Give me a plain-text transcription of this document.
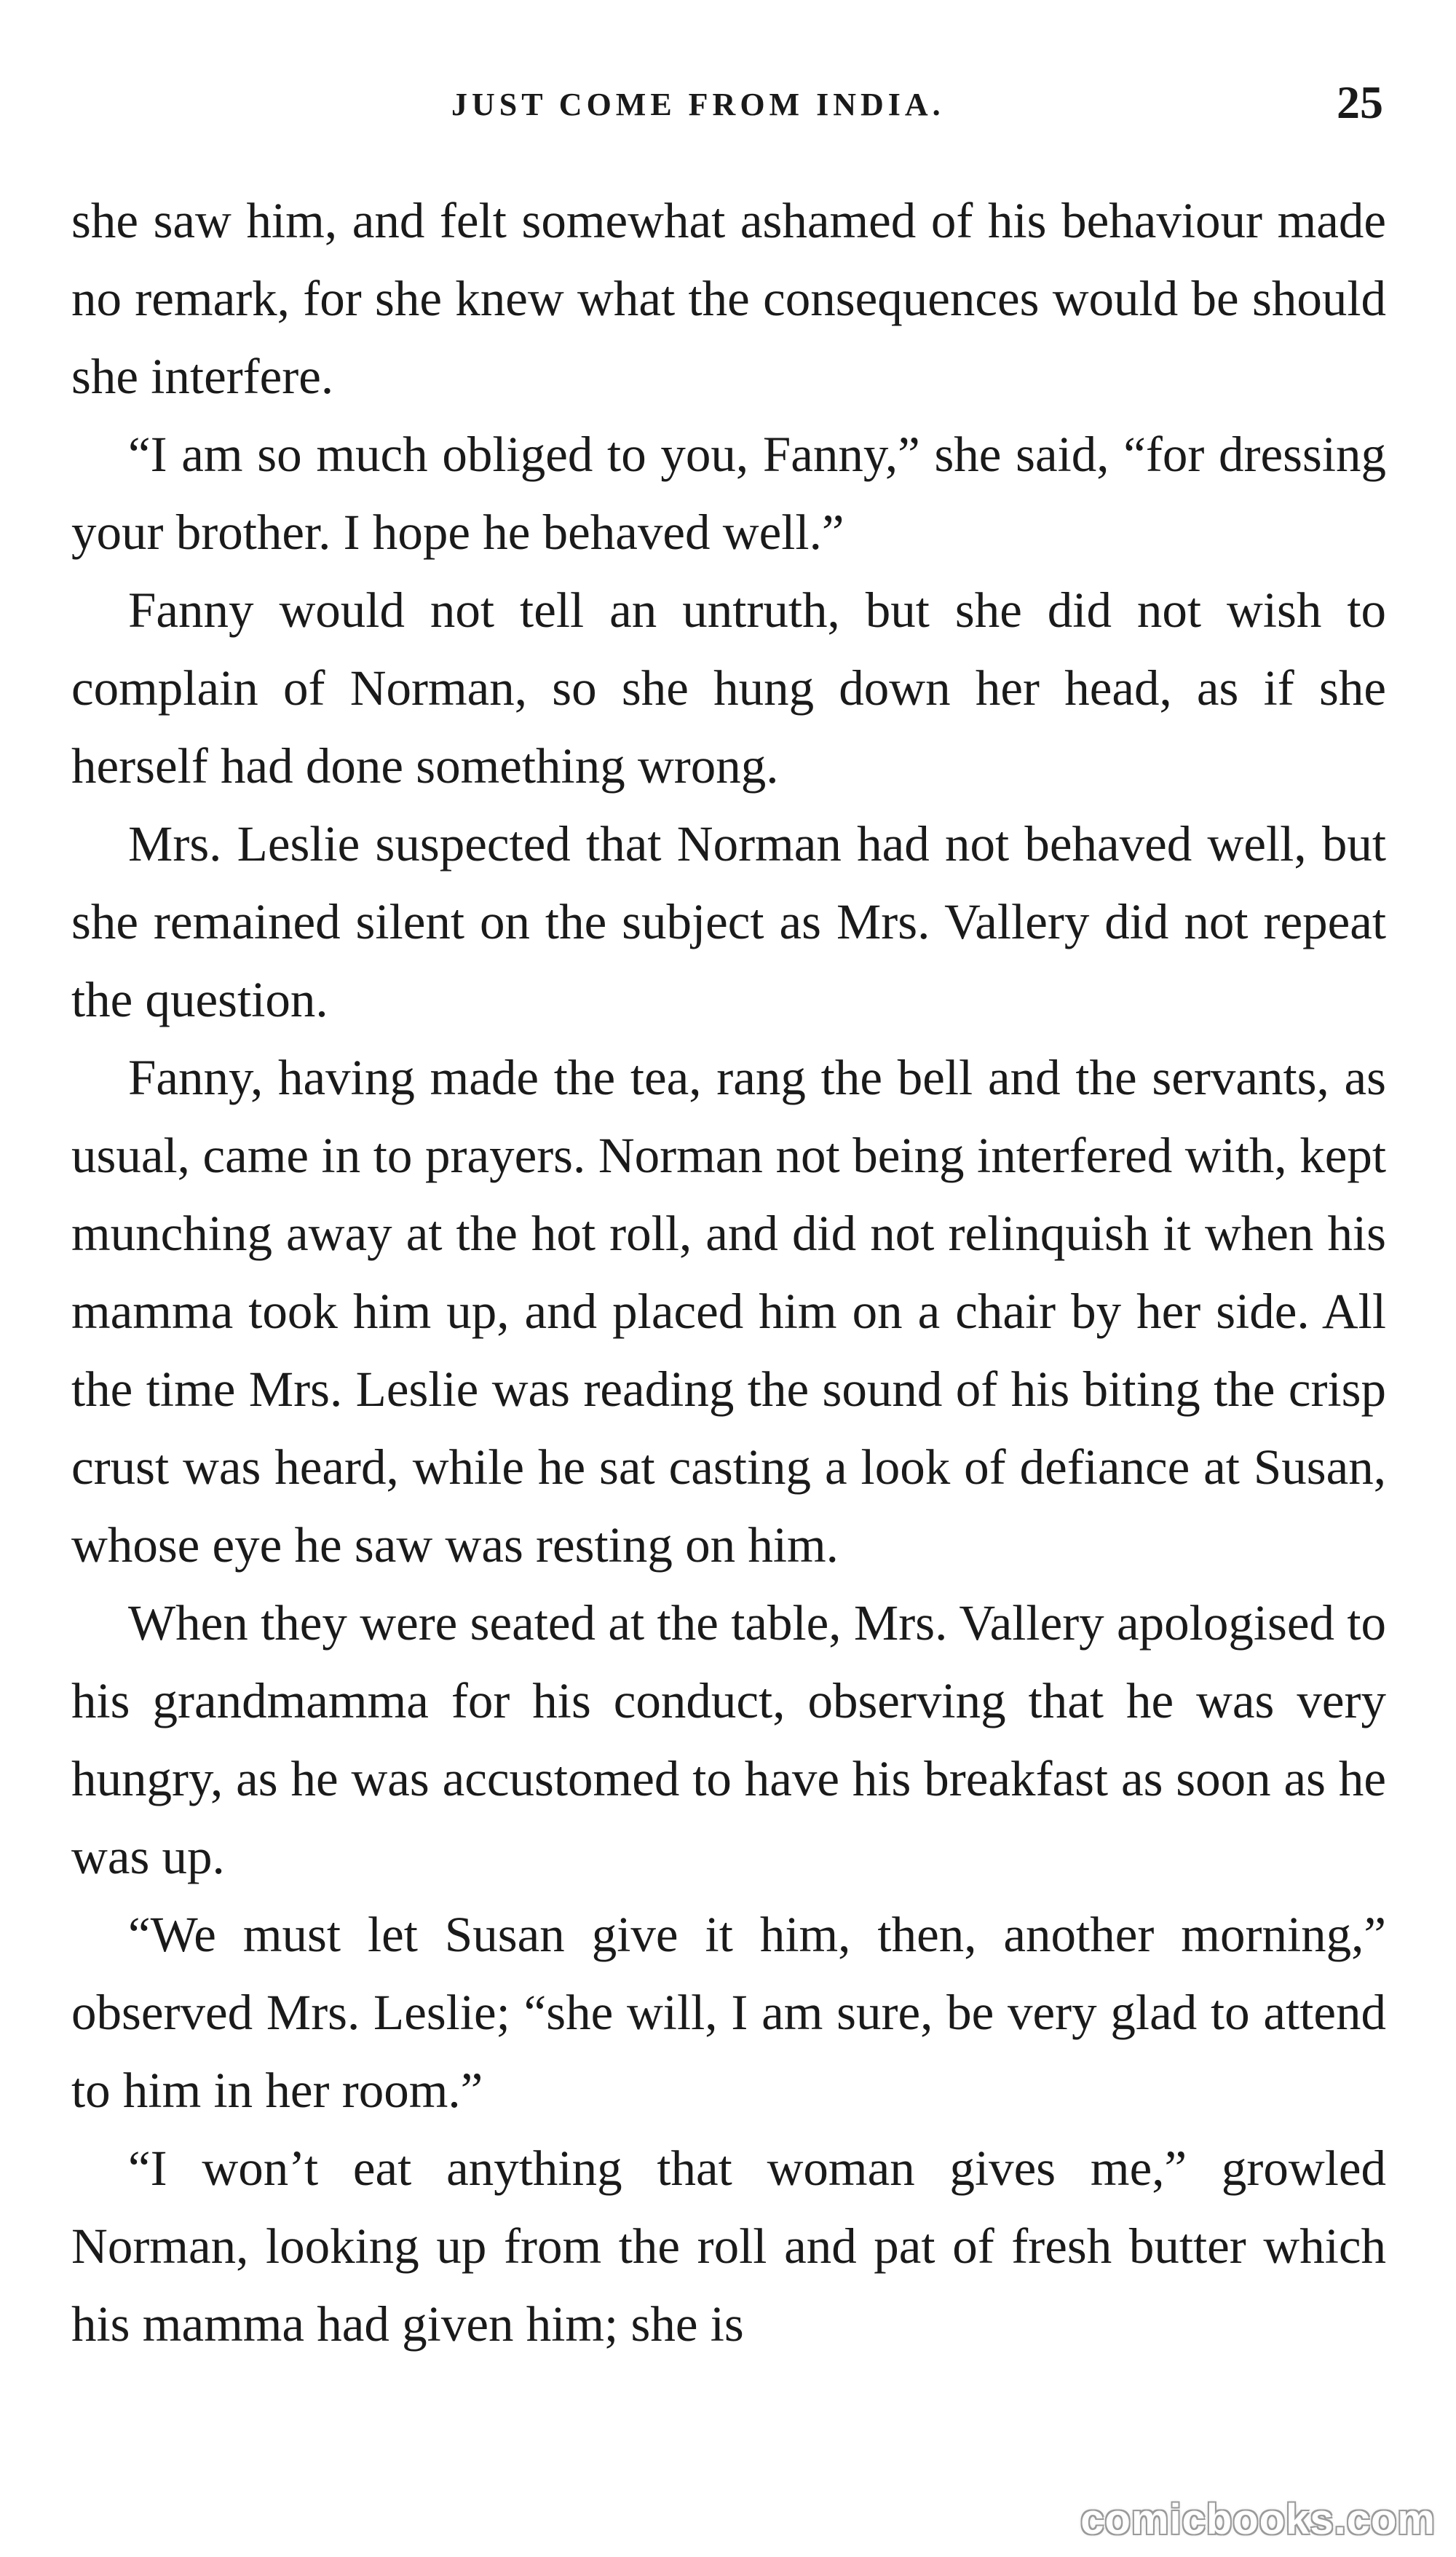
JUST COME FROM INDIA.	25

she saw him, and felt somewhat ashamed of his behaviour made no remark, for she knew what the consequences would be should she interfere.

“I am so much obliged to you, Fanny,” she said, “for dressing your brother. I hope he behaved well.”

Fanny would not tell an untruth, but she did not wish to complain of Norman, so she hung down her head, as if she herself had done something wrong.

Mrs. Leslie suspected that Norman had not behaved well, but she remained silent on the subject as Mrs. Vallery did not repeat the question.

Fanny, having made the tea, rang the bell and the servants, as usual, came in to prayers. Norman not being interfered with, kept munching away at the hot roll, and did not relinquish it when his mamma took him up, and placed him on a chair by her side. All the time Mrs. Leslie was reading the sound of his biting the crisp crust was heard, while he sat casting a look of defiance at Susan, whose eye he saw was resting on him.

When they were seated at the table, Mrs. Vallery apologised to his grandmamma for his conduct, observing that he was very hungry, as he was accustomed to have his breakfast as soon as he was up.

“We must let Susan give it him, then, another morning,” observed Mrs. Leslie; “she will, I am sure, be very glad to attend to him in her room.”

“I won’t eat anything that woman gives me,” growled Norman, looking up from the roll and pat of fresh butter which his mamma had given him; she is

comicbooks.com
